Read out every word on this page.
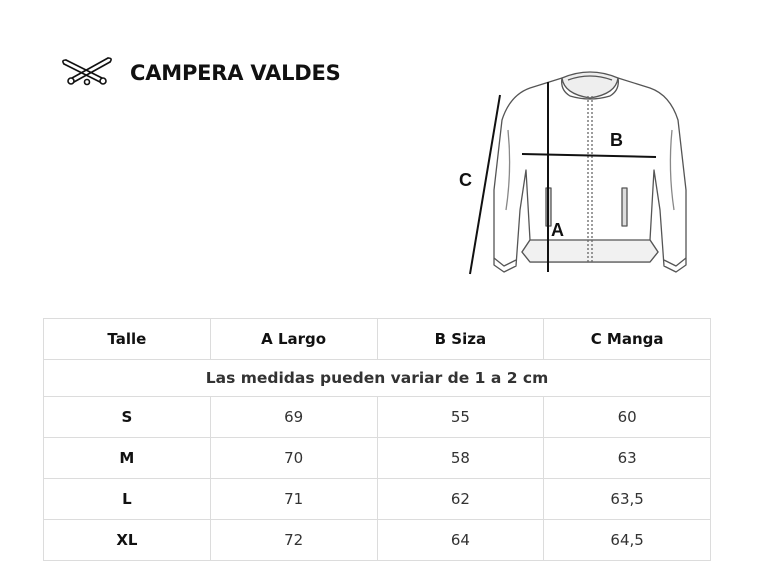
CAMPERA VALDES
A
B
C
Las medidas pueden variar de 1 a 2 cm			
Talle	A Largo	B Siza	C Manga
S	69	55	60
M	70	58	63
L	71	62	63,5
XL	72	64	64,5
